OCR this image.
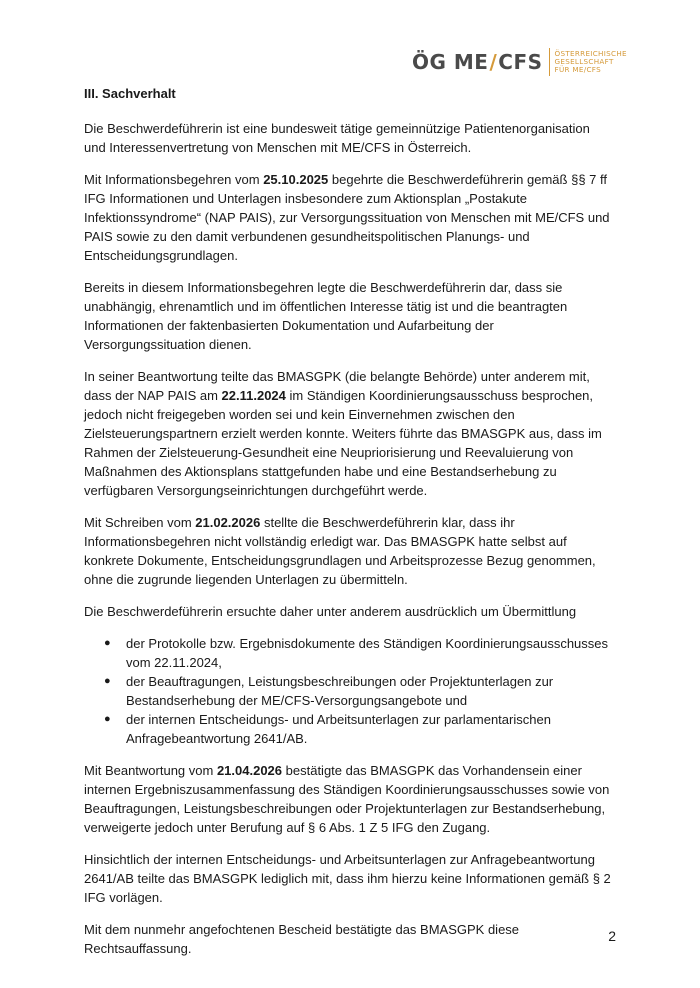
ÖG ME / CFS ÖSTERREICHISCHE
GESELLSCHAFT
FÜR ME/CFS
III. Sachverhalt

Die Beschwerdeführerin ist eine bundesweit tätige gemeinnützige Patientenorganisation und Interessenvertretung von Menschen mit ME/CFS in Österreich.

Mit Informationsbegehren vom 25.10.2025 begehrte die Beschwerdeführerin gemäß §§ 7 ff IFG Informationen und Unterlagen insbesondere zum Aktionsplan „Postakute Infektionssyndrome“ (NAP PAIS), zur Versorgungssituation von Menschen mit ME/CFS und PAIS sowie zu den damit verbundenen gesundheitspolitischen Planungs- und Entscheidungsgrundlagen.

Bereits in diesem Informationsbegehren legte die Beschwerdeführerin dar, dass sie unabhängig, ehrenamtlich und im öffentlichen Interesse tätig ist und die beantragten Informationen der faktenbasierten Dokumentation und Aufarbeitung der Versorgungssituation dienen.

In seiner Beantwortung teilte das BMASGPK (die belangte Behörde) unter anderem mit, dass der NAP PAIS am 22.11.2024 im Ständigen Koordinierungsausschuss besprochen, jedoch nicht freigegeben worden sei und kein Einvernehmen zwischen den Zielsteuerungspartnern erzielt werden konnte. Weiters führte das BMASGPK aus, dass im Rahmen der Zielsteuerung-Gesundheit eine Neupriorisierung und Reevaluierung von Maßnahmen des Aktionsplans stattgefunden habe und eine Bestandserhebung zu verfügbaren Versorgungseinrichtungen durchgeführt werde.

Mit Schreiben vom 21.02.2026 stellte die Beschwerdeführerin klar, dass ihr Informationsbegehren nicht vollständig erledigt war. Das BMASGPK hatte selbst auf konkrete Dokumente, Entscheidungsgrundlagen und Arbeitsprozesse Bezug genommen, ohne die zugrunde liegenden Unterlagen zu übermitteln.

Die Beschwerdeführerin ersuchte daher unter anderem ausdrücklich um Übermittlung

● der Protokolle bzw. Ergebnisdokumente des Ständigen Koordinierungsausschusses vom 22.11.2024,
● der Beauftragungen, Leistungsbeschreibungen oder Projektunterlagen zur Bestandserhebung der ME/CFS-Versorgungsangebote und
● der internen Entscheidungs- und Arbeitsunterlagen zur parlamentarischen Anfragebeantwortung 2641/AB.

Mit Beantwortung vom 21.04.2026 bestätigte das BMASGPK das Vorhandensein einer internen Ergebniszusammenfassung des Ständigen Koordinierungsausschusses sowie von Beauftragungen, Leistungsbeschreibungen oder Projektunterlagen zur Bestandserhebung, verweigerte jedoch unter Berufung auf § 6 Abs. 1 Z 5 IFG den Zugang.

Hinsichtlich der internen Entscheidungs- und Arbeitsunterlagen zur Anfragebeantwortung 2641/AB teilte das BMASGPK lediglich mit, dass ihm hierzu keine Informationen gemäß § 2 IFG vorlägen.

Mit dem nunmehr angefochtenen Bescheid bestätigte das BMASGPK diese Rechtsauffassung.

2
